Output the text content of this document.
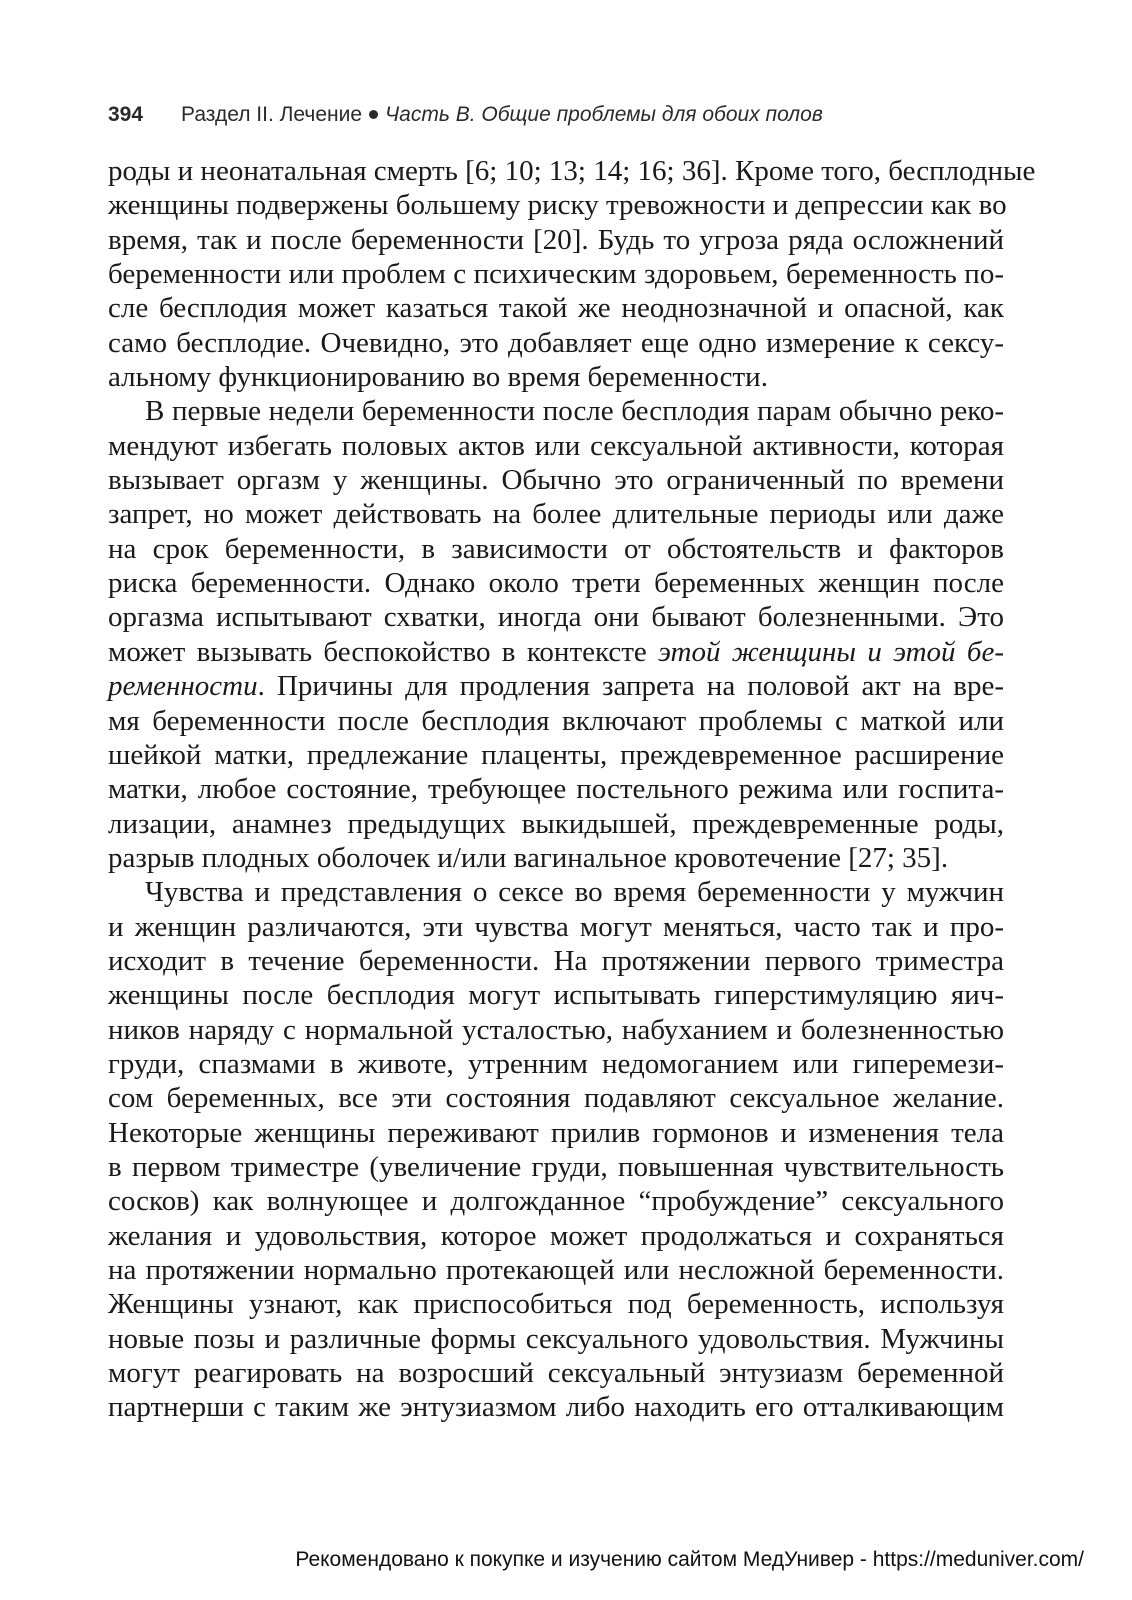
394 Раздел II. Лечение Часть B. Общие проблемы для обоих полов
роды и неонатальная смерть [6; 10; 13; 14; 16; 36]. Кроме того, бесплодные
женщины подвержены большему риску тревожности и депрессии как во
время, так и после беременности [20]. Будь то угроза ряда осложнений
беременности или проблем с психическим здоровьем, беременность по-
сле бесплодия может казаться такой же неоднозначной и опасной, как
само бесплодие. Очевидно, это добавляет еще одно измерение к сексу-
альному функционированию во время беременности.
В первые недели беременности после бесплодия парам обычно реко-
мендуют избегать половых актов или сексуальной активности, которая
вызывает оргазм у женщины. Обычно это ограниченный по времени
запрет, но может действовать на более длительные периоды или даже
на срок беременности, в зависимости от обстоятельств и факторов
риска беременности. Однако около трети беременных женщин после
оргазма испытывают схватки, иногда они бывают болезненными. Это
может вызывать беспокойство в контексте этой женщины и этой бе-
ременности. Причины для продления запрета на половой акт на вре-
мя беременности после бесплодия включают проблемы с маткой или
шейкой матки, предлежание плаценты, преждевременное расширение
матки, любое состояние, требующее постельного режима или госпита-
лизации, анамнез предыдущих выкидышей, преждевременные роды,
разрыв плодных оболочек и/или вагинальное кровотечение [27; 35].
Чувства и представления о сексе во время беременности у мужчин
и женщин различаются, эти чувства могут меняться, часто так и про-
исходит в течение беременности. На протяжении первого триместра
женщины после бесплодия могут испытывать гиперстимуляцию яич-
ников наряду с нормальной усталостью, набуханием и болезненностью
груди, спазмами в животе, утренним недомоганием или гиперемези-
сом беременных, все эти состояния подавляют сексуальное желание.
Некоторые женщины переживают прилив гормонов и изменения тела
в первом триместре (увеличение груди, повышенная чувствительность
сосков) как волнующее и долгожданное “пробуждение” сексуального
желания и удовольствия, которое может продолжаться и сохраняться
на протяжении нормально протекающей или несложной беременности.
Женщины узнают, как приспособиться под беременность, используя
новые позы и различные формы сексуального удовольствия. Мужчины
могут реагировать на возросший сексуальный энтузиазм беременной
партнерши с таким же энтузиазмом либо находить его отталкивающим
Рекомендовано к покупке и изучению сайтом МедУнивер - https://meduniver.com/
